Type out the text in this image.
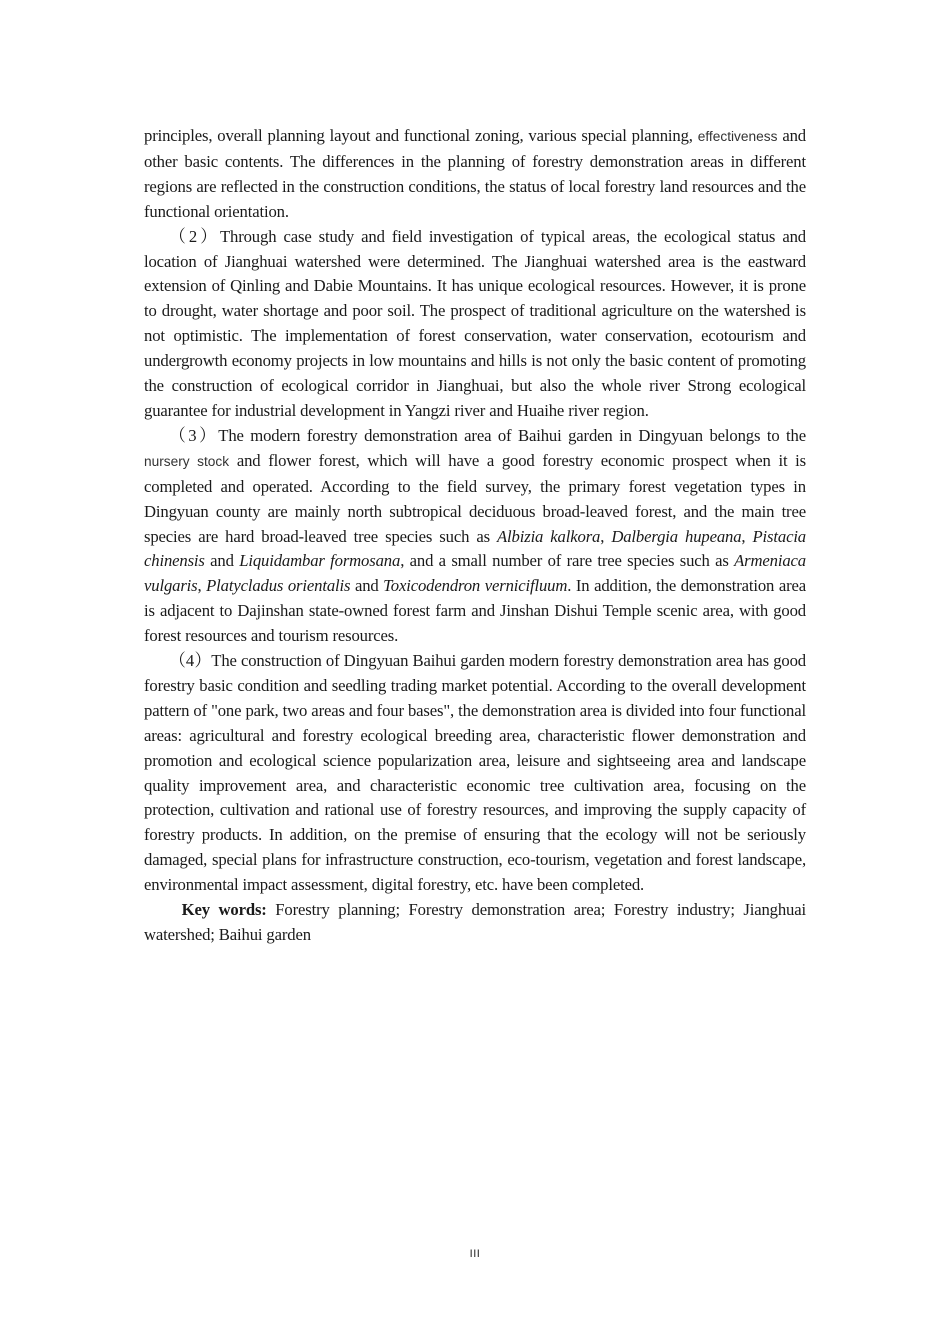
principles, overall planning layout and functional zoning, various special planning, effectiveness and other basic contents. The differences in the planning of forestry demonstration areas in different regions are reflected in the construction conditions, the status of local forestry land resources and the functional orientation.

（2）Through case study and field investigation of typical areas, the ecological status and location of Jianghuai watershed were determined. The Jianghuai watershed area is the eastward extension of Qinling and Dabie Mountains. It has unique ecological resources. However, it is prone to drought, water shortage and poor soil. The prospect of traditional agriculture on the watershed is not optimistic. The implementation of forest conservation, water conservation, ecotourism and undergrowth economy projects in low mountains and hills is not only the basic content of promoting the construction of ecological corridor in Jianghuai, but also the whole river Strong ecological guarantee for industrial development in Yangzi river and Huaihe river region.

（3）The modern forestry demonstration area of Baihui garden in Dingyuan belongs to the nursery stock and flower forest, which will have a good forestry economic prospect when it is completed and operated. According to the field survey, the primary forest vegetation types in Dingyuan county are mainly north subtropical deciduous broad-leaved forest, and the main tree species are hard broad-leaved tree species such as Albizia kalkora, Dalbergia hupeana, Pistacia chinensis and Liquidambar formosana, and a small number of rare tree species such as Armeniaca vulgaris, Platycladus orientalis and Toxicodendron vernicifluum. In addition, the demonstration area is adjacent to Dajinshan state-owned forest farm and Jinshan Dishui Temple scenic area, with good forest resources and tourism resources.

（4）The construction of Dingyuan Baihui garden modern forestry demonstration area has good forestry basic condition and seedling trading market potential. According to the overall development pattern of "one park, two areas and four bases", the demonstration area is divided into four functional areas: agricultural and forestry ecological breeding area, characteristic flower demonstration and promotion and ecological science popularization area, leisure and sightseeing area and landscape quality improvement area, and characteristic economic tree cultivation area, focusing on the protection, cultivation and rational use of forestry resources, and improving the supply capacity of forestry products. In addition, on the premise of ensuring that the ecology will not be seriously damaged, special plans for infrastructure construction, eco-tourism, vegetation and forest landscape, environmental impact assessment, digital forestry, etc. have been completed.

Key words: Forestry planning; Forestry demonstration area; Forestry industry; Jianghuai watershed; Baihui garden

III
